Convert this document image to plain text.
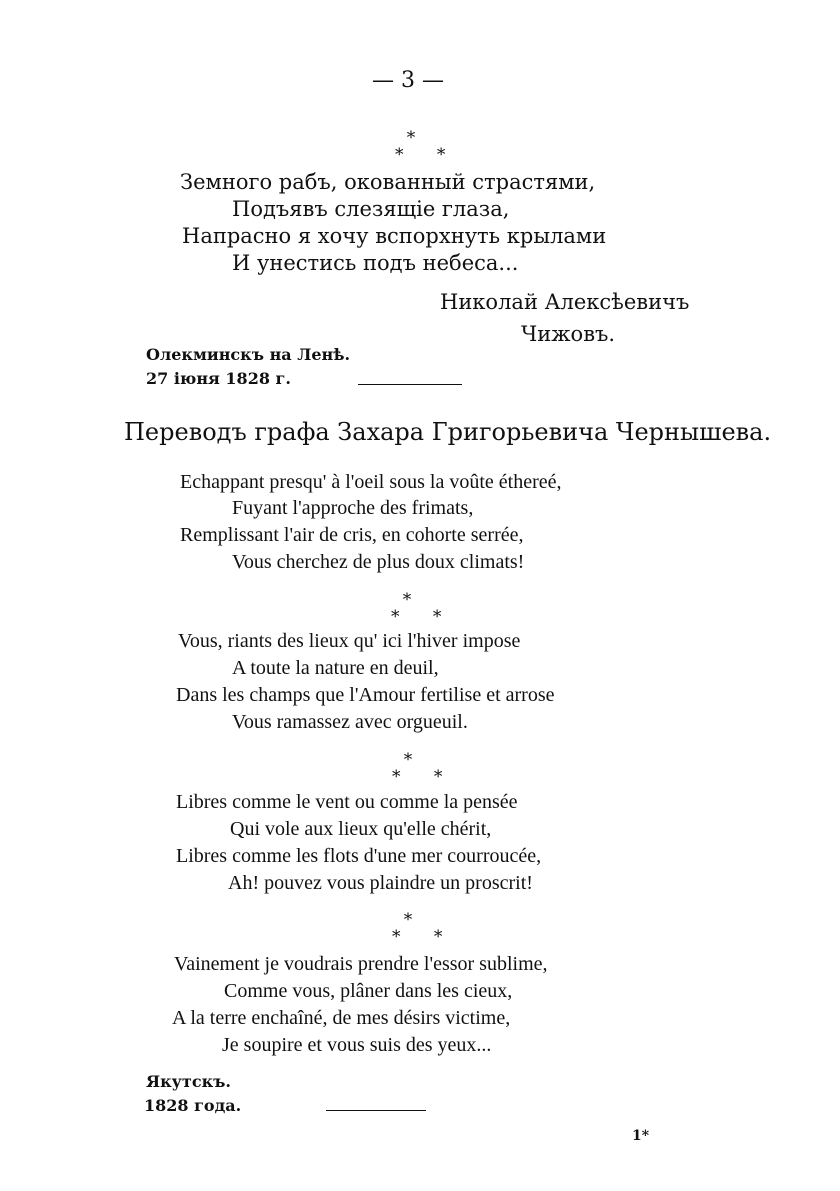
— 3 —
*
* *
Земного рабъ, окованный страстями,
Подъявъ слезящіе глаза,
Напрасно я хочу вспорхнуть крылами
И унестись подъ небеса...
Николай Алексѣевичъ
Чижовъ.
Олекминскъ на Ленѣ.
27 іюня 1828 г.
Переводъ графа Захара Григорьевича Чернышева.
Echappant presqu' à l'oeil sous la voûte éthereé,
Fuyant l'approche des frimats,
Remplissant l'air de cris, en cohorte serrée,
Vous cherchez de plus doux climats!
*
* *
Vous, riants des lieux qu' ici l'hiver impose
A toute la nature en deuil,
Dans les champs que l'Amour fertilise et arrose
Vous ramassez avec orgueuil.
*
* *
Libres comme le vent ou comme la pensée
Qui vole aux lieux qu'elle chérit,
Libres comme les flots d'une mer courroucée,
Ah! pouvez vous plaindre un proscrit!
*
* *
Vainement je voudrais prendre l'essor sublime,
Comme vous, plâner dans les cieux,
A la terre enchaîné, de mes désirs victime,
Je soupire et vous suis des yeux...
Якутскъ.
1828 года.
1*
